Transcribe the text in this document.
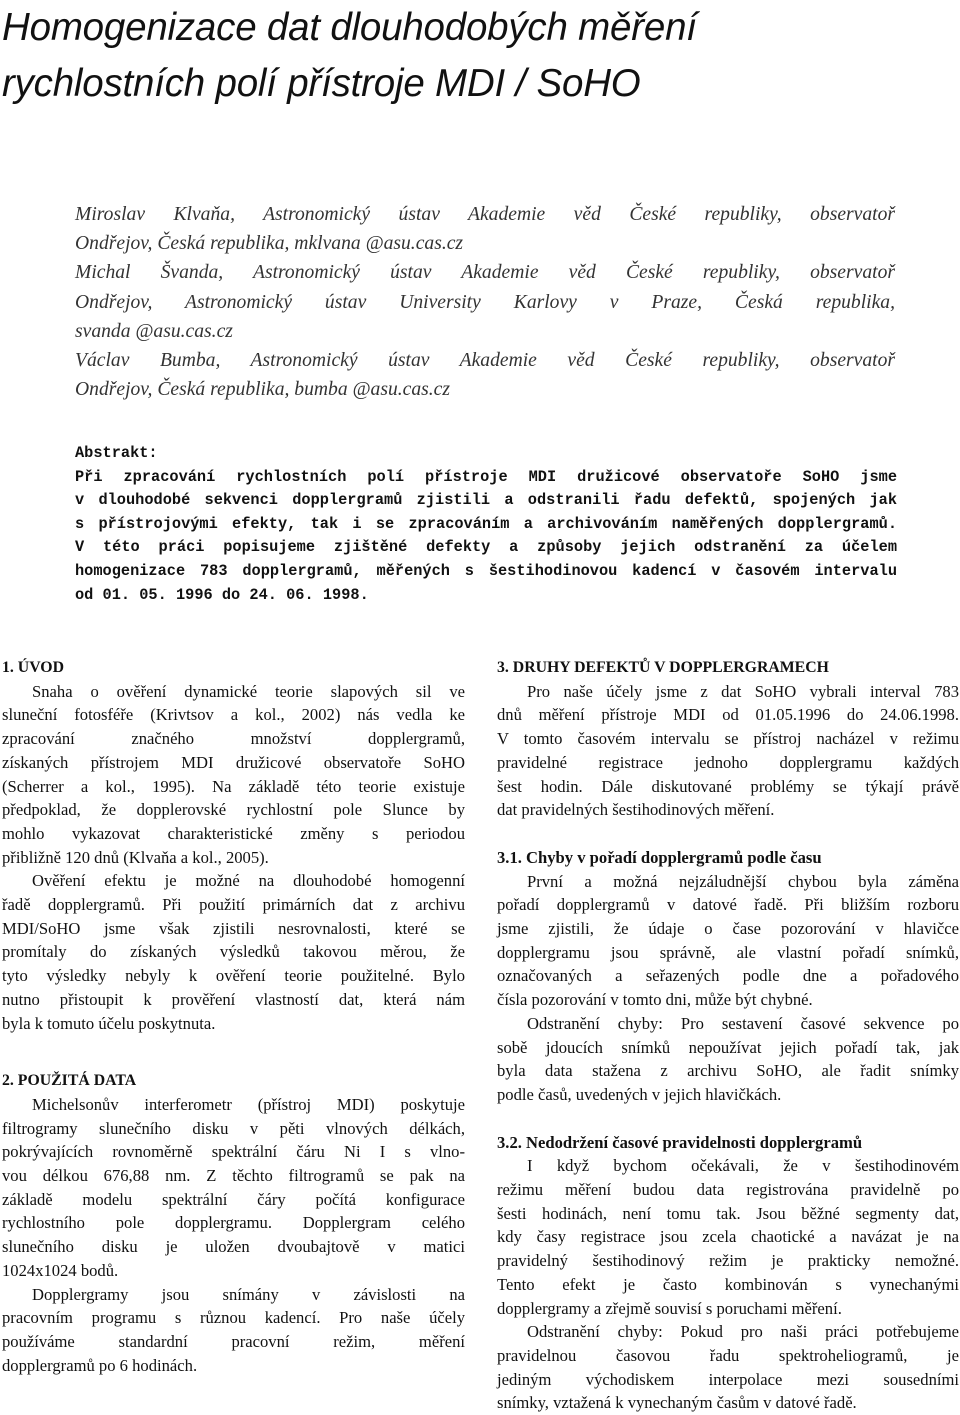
Homogenizace dat dlouhodobých měření
rychlostních polí přístroje MDI / SoHO
Miroslav Klvaňa, Astronomický ústav Akademie věd České republiky, observatoř
Ondřejov, Česká republika, mklvana @asu.cas.cz
Michal Švanda, Astronomický ústav Akademie věd České republiky, observatoř
Ondřejov, Astronomický ústav University Karlovy v Praze, Česká republika,
svanda @asu.cas.cz
Václav Bumba, Astronomický ústav Akademie věd České republiky, observatoř
Ondřejov, Česká republika, bumba @asu.cas.cz
Abstrakt:
Při zpracování rychlostních polí přístroje MDI družicové observatoře SoHO jsme
v dlouhodobé sekvenci dopplergramů zjistili a odstranili řadu defektů, spojených jak
s přístrojovými efekty, tak i se zpracováním a archivováním naměřených dopplergramů.
V této práci popisujeme zjištěné defekty a způsoby jejich odstranění za účelem
homogenizace 783 dopplergramů, měřených s šestihodinovou kadencí v časovém intervalu
od 01. 05. 1996 do 24. 06. 1998.
1. ÚVOD
Snaha o ověření dynamické teorie slapových sil ve
sluneční fotosféře (Krivtsov a kol., 2002) nás vedla ke
zpracování značného množství dopplergramů,
získaných přístrojem MDI družicové observatoře SoHO
(Scherrer a kol., 1995). Na základě této teorie existuje
předpoklad, že dopplerovské rychlostní pole Slunce by
mohlo vykazovat charakteristické změny s periodou
přibližně 120 dnů (Klvaňa a kol., 2005).
Ověření efektu je možné na dlouhodobé homogenní
řadě dopplergramů. Při použití primárních dat z archivu
MDI/SoHO jsme však zjistili nesrovnalosti, které se
promítaly do získaných výsledků takovou měrou, že
tyto výsledky nebyly k ověření teorie použitelné. Bylo
nutno přistoupit k prověření vlastností dat, která nám
byla k tomuto účelu poskytnuta.
2. POUŽITÁ DATA
Michelsonův interferometr (přístroj MDI) poskytuje
filtrogramy slunečního disku v pěti vlnových délkách,
pokrývajících rovnoměrně spektrální čáru Ni I s vlno-
vou délkou 676,88 nm. Z těchto filtrogramů se pak na
základě modelu spektrální čáry počítá konfigurace
rychlostního pole dopplergramu. Dopplergram celého
slunečního disku je uložen dvoubajtově v matici
1024x1024 bodů.
Dopplergramy jsou snímány v závislosti na
pracovním programu s různou kadencí. Pro naše účely
používáme standardní pracovní režim, měření
dopplergramů po 6 hodinách.
3. DRUHY DEFEKTŮ V DOPPLERGRAMECH
Pro naše účely jsme z dat SoHO vybrali interval 783
dnů měření přístroje MDI od 01.05.1996 do 24.06.1998.
V tomto časovém intervalu se přístroj nacházel v režimu
pravidelné registrace jednoho dopplergramu každých
šest hodin. Dále diskutované problémy se týkají právě
dat pravidelných šestihodinových měření.
3.1. Chyby v pořadí dopplergramů podle času
První a možná nejzáludnější chybou byla záměna
pořadí dopplergramů v datové řadě. Při bližším rozboru
jsme zjistili, že údaje o čase pozorování v hlavičce
dopplergramu jsou správně, ale vlastní pořadí snímků,
označovaných a seřazených podle dne a pořadového
čísla pozorování v tomto dni, může být chybné.
Odstranění chyby: Pro sestavení časové sekvence po
sobě jdoucích snímků nepoužívat jejich pořadí tak, jak
byla data stažena z archivu SoHO, ale řadit snímky
podle časů, uvedených v jejich hlavičkách.
3.2. Nedodržení časové pravidelnosti dopplergramů
I když bychom očekávali, že v šestihodinovém
režimu měření budou data registrována pravidelně po
šesti hodinách, není tomu tak. Jsou běžné segmenty dat,
kdy časy registrace jsou zcela chaotické a navázat je na
pravidelný šestihodinový režim je prakticky nemožné.
Tento efekt je často kombinován s vynechanými
dopplergramy a zřejmě souvisí s poruchami měření.
Odstranění chyby: Pokud pro naši práci potřebujeme
pravidelnou časovou řadu spektroheliogramů, je
jediným východiskem interpolace mezi sousedními
snímky, vztažená k vynechaným časům v datové řadě.
